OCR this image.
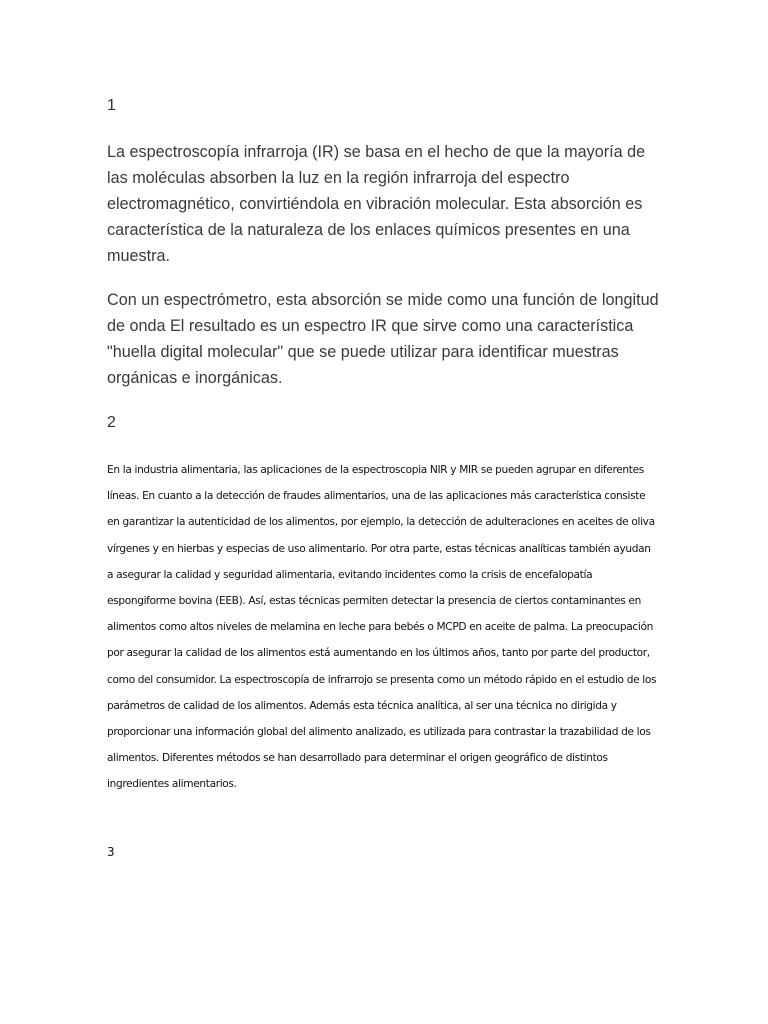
1

La espectroscopía infrarroja (IR) se basa en el hecho de que la mayoría de las moléculas absorben la luz en la región infrarroja del espectro electromagnético, convirtiéndola en vibración molecular. Esta absorción es característica de la naturaleza de los enlaces químicos presentes en una muestra.

Con un espectrómetro, esta absorción se mide como una función de longitud de onda El resultado es un espectro IR que sirve como una característica "huella digital molecular" que se puede utilizar para identificar muestras orgánicas e inorgánicas.

2

En la industria alimentaria, las aplicaciones de la espectroscopia NIR y MIR se pueden agrupar en diferentes líneas. En cuanto a la detección de fraudes alimentarios, una de las aplicaciones más característica consiste en garantizar la autenticidad de los alimentos, por ejemplo, la detección de adulteraciones en aceites de oliva vírgenes y en hierbas y especias de uso alimentario. Por otra parte, estas técnicas analíticas también ayudan a asegurar la calidad y seguridad alimentaria, evitando incidentes como la crisis de encefalopatía espongiforme bovina (EEB). Así, estas técnicas permiten detectar la presencia de ciertos contaminantes en alimentos como altos niveles de melamina en leche para bebés o MCPD en aceite de palma. La preocupación por asegurar la calidad de los alimentos está aumentando en los últimos años, tanto por parte del productor, como del consumidor. La espectroscopía de infrarrojo se presenta como un método rápido en el estudio de los parámetros de calidad de los alimentos. Además esta técnica analítica, al ser una técnica no dirigida y proporcionar una información global del alimento analizado, es utilizada para contrastar la trazabilidad de los alimentos. Diferentes métodos se han desarrollado para determinar el origen geográfico de distintos ingredientes alimentarios.

3
